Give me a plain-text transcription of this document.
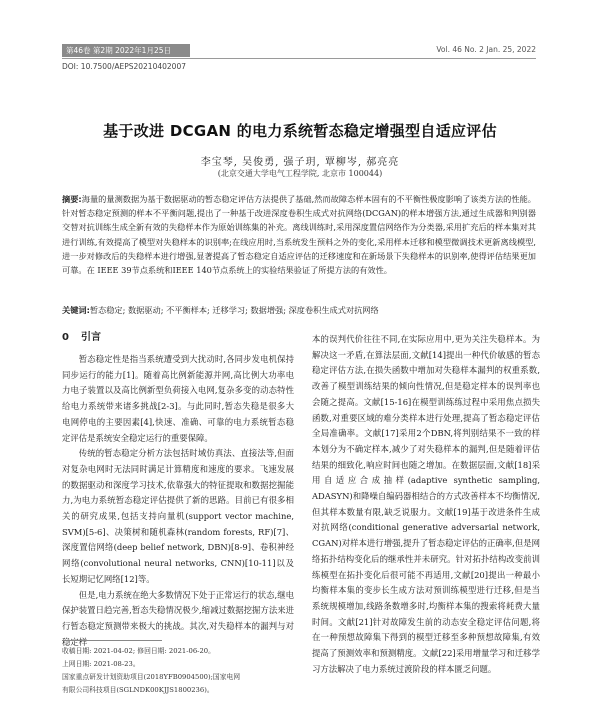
第46卷 第2期 2022年1月25日	Vol. 46 No. 2 Jan. 25, 2022
DOI: 10.7500/AEPS20210402007
基于改进 DCGAN 的电力系统暂态稳定增强型自适应评估
李宝琴, 吴俊勇, 强子玥, 覃柳岑, 郝亮亮
(北京交通大学电气工程学院, 北京市 100044)
摘要:海量的量测数据为基于数据驱动的暂态稳定评估方法提供了基础,然而故障态样本固有的不平衡性极度影响了该类方法的性能。针对暂态稳定预测的样本不平衡问题,提出了一种基于改进深度卷积生成式对抗网络(DCGAN)的样本增强方法,通过生成器和判别器交替对抗训练生成全新有效的失稳样本作为原始训练集的补充。离线训练时,采用深度置信网络作为分类器,采用扩充后的样本集对其进行训练,有效提高了模型对失稳样本的识别率;在线应用时,当系统发生预料之外的变化,采用样本迁移和模型微调技术更新离线模型,进一步对修改后的失稳样本进行增强,显著提高了暂态稳定自适应评估的迁移速度和在新场景下失稳样本的识别率,使得评估结果更加可靠。在 IEEE 39节点系统和IEEE 140节点系统上的实验结果验证了所提方法的有效性。
关键词:暂态稳定; 数据驱动; 不平衡样本; 迁移学习; 数据增强; 深度卷积生成式对抗网络
0 引言

暂态稳定性是指当系统遭受到大扰动时,各同步发电机保持同步运行的能力[1]。随着高比例新能源并网,高比例大功率电力电子装置以及高比例新型负荷接入电网,复杂多变的动态特性给电力系统带来诸多挑战[2-3]。与此同时,暂态失稳是很多大电网停电的主要因素[4],快速、准确、可靠的电力系统暂态稳定评估是系统安全稳定运行的重要保障。

传统的暂态稳定分析方法包括时域仿真法、直接法等,但面对复杂电网时无法同时满足计算精度和速度的要求。飞速发展的数据驱动和深度学习技术,依靠强大的特征提取和数据挖掘能力,为电力系统暂态稳定评估提供了新的思路。目前已有很多相关的研究成果,包括支持向量机(support vector machine, SVM)[5-6]、决策树和随机森林(random forests, RF)[7]、深度置信网络(deep belief network, DBN)[8-9]、卷积神经网络(convolutional neural networks, CNN)[10-11]以及长短期记忆网络[12]等。

但是,电力系统在绝大多数情况下处于正常运行的状态,继电保护装置日趋完善,暂态失稳情况极少,缩减过数据挖掘方法来进行暂态稳定预测带来极大的挑战。其次,对失稳样本的漏判与对稳定样

本的误判代价往往不同,在实际应用中,更为关注失稳样本。为解决这一矛盾,在算法层面,文献[14]提出一种代价敏感的暂态稳定评估方法,在损失函数中增加对失稳样本漏判的权重系数,改善了模型训练结果的倾向性情况,但是稳定样本的误判率也会随之提高。文献[15-16]在模型训练练过程中采用焦点损失函数,对重要区域的难分类样本进行处理,提高了暂态稳定评估全局准确率。文献[17]采用2个DBN,将判别结果不一致的样本划分为不确定样本,减少了对失稳样本的漏判,但是随着评估结果的细致化,响应时间也随之增加。在数据层面,文献[18]采用自适应合成抽样(adaptive synthetic sampling, ADASYN)和降噪自编码器相结合的方式改善样本不均衡情况,但其样本数量有限,缺乏说服力。文献[19]基于改进条件生成对抗网络(conditional generative adversarial network, CGAN)对样本进行增强,提升了暂态稳定评估的正确率,但是网络拓扑结构变化后的继承性并未研究。针对拓扑结构改变前训练模型在拓扑变化后很可能不再适用,文献[20]提出一种最小均衡样本集的变步长生成方法对预训练模型进行迁移,但是当系统规模增加,线路条数增多时,均衡样本集的搜索将耗费大量时间。文献[21]针对故障发生前的动态安全稳定评估问题,将在一种预想故障集下得到的模型迁移至多种预想故障集,有效提高了预测效率和预测精度。文献[22]采用增量学习和迁移学习方法解决了电力系统过渡阶段的样本匮乏问题。

收稿日期: 2021-04-02; 修回日期: 2021-06-20。
上网日期: 2021-08-23。
国家重点研发计划资助项目(2018YFB0904500);国家电网
有限公司科技项目(SGLNDK00KJJS1800236)。
